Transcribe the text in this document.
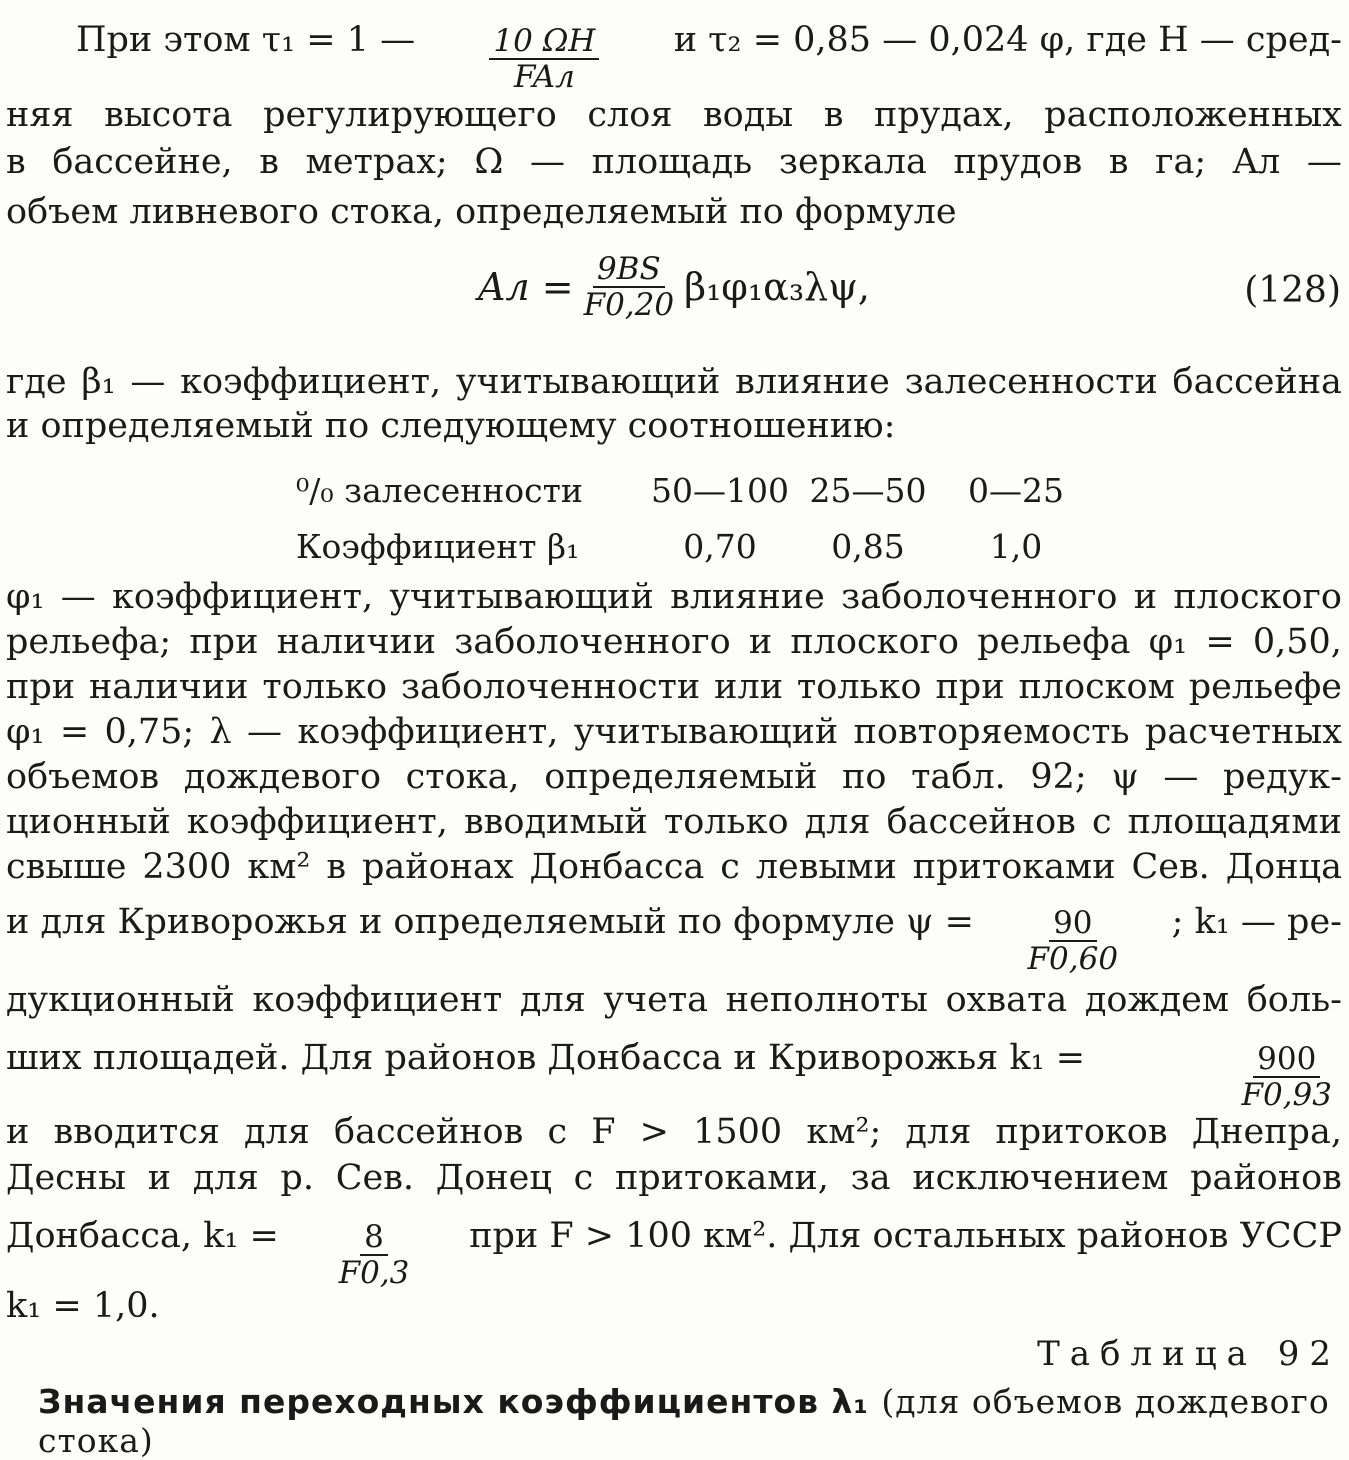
При этом τ₁ = 1 — $\frac{10 \Omega H}{\text{FAл}}$ и τ₂ = 0,85 — 0,024 φ, где H — сред-
няя высота регулирующего слоя воды в прудах, расположенных
в бассейне, в метрах; Ω — площадь зеркала прудов в га; Aл —
объем ливневого стока, определяемый по формуле
Aл = $\frac{9BS}{F0,20} \beta_1\varphi_1\alpha_3\lambda\psi$,	(128)
где β₁ — коэффициент, учитывающий влияние залесенности бассейна
и определяемый по следующему соотношению:
⁰/₀ залесенности	50—100 25—50	0—25
Коэффициент β₁	0,70	0,85	1,0
φ₁ — коэффициент, учитывающий влияние заболоченного и плоского
рельефа; при наличии заболоченного и плоского рельефа φ₁ = 0,50,
при наличии только заболоченности или только при плоском рельефе
φ₁ = 0,75; λ — коэффициент, учитывающий повторяемость расчетных
объемов дождевого стока, определяемый по табл. 92; ψ — редук-
ционный коэффициент, вводимый только для бассейнов с площадями
свыше 2300 км² в районах Донбасса с левыми притоками Сев. Донца
и для Криворожья и определяемый по формуле $\psi = \frac{90}{F0,60}$ ; k₁ — ре-
дукционный коэффициент для учета неполноты охвата дождем боль-
ших площадей. Для районов Донбасса и Криворожья k₁ =	$\frac{900}{F0,93}$
и вводится для бассейнов с F > 1500 км²; для притоков Днепра,
Десны и для р. Сев. Донец с притоками, за исключением районов
Донбасса, $k_1 = \frac{8}{F0,3}$ при F > 100 км². Для остальных районов УССР
k₁ = 1,0.
Таблица 92
Значения переходных коэффициентов λ₁ (для объемов дождевого стока)
